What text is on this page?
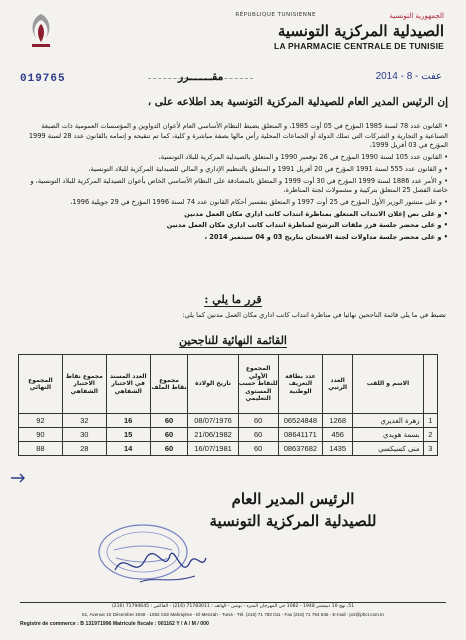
RÉPUBLIQUE TUNISIENNE	الجمهورية التونسية
الصيدلية المركزية التونسية
LA PHARMACIE CENTRALE DE TUNISIE
019765	مقـــــــرر	2014 - عفت - 8
إن الرئيس المدير العام للصيدلية المركزية التونسية بعد اطلاعه على ،

• القانون عدد 78 لسنة 1985 المؤرخ في 05 أوت 1985، و المتعلق بضبط النظام الأساسي العام لأعوان الدواوين و المؤسسات العمومية ذات الصبغة الصناعية و التجارية و الشركات التي تملك الدولة أو الجماعات المحلية رأس مالها بصفة مباشرة و كلية، كما تم تنقيحه و إتمامه بالقانون عدد 28 لسنة 1999 المؤرخ في 03 أفريل 1999،

• القانون عدد 105 لسنة 1990 المؤرخ في 26 نوفمبر 1990 و المتعلق بالصيدلية المركزية للبلاد التونسية،

• و القانون عدد 555 لسنة 1991 المؤرخ في 20 أفريل 1991 و المتعلق بالتنظيم الإداري و المالي للصيدلية المركزية للبلاد التونسية،

• و الأمر عدد 1886 لسنة 1999 المؤرخ في 30 أوت 1999 و المتعلق بالمصادقة على النظام الأساسي الخاص بأعوان الصيدلية المركزية للبلاد التونسية، و خاصة الفصل 25 المتعلق بتركيبة و مشمولات لجنة المناظرة،

• و على منشور الوزير الأول المؤرخ في 25 أوت 1997 و المتعلق بتفسير أحكام القانون عدد 74 لسنة 1996 المؤرخ في 29 جويلية 1996،

• و على نص إعلان الانتداب المتعلق بمناظرة انتداب كاتب اداري مكان العمل مدنين

• و على محضر جلسة فرز ملفات الترشح لمناظرة انتداب كاتب اداري مكان العمل مدنين

• و على محضر جلسة مداولات لجنة الامتحان بتاريخ 03 و 04 سبتمبر 2014 ،

قرر ما يلي :
تضبط في ما يلي قائمة الناجحين نهائيا في مناظرة انتداب كاتب اداري مكان العمل مدنين كما يلي:
القائمة النهائية للناجحين
	الاسم و اللقب	العدد الرتبي	عدد بطاقة التعريف الوطنية	المجموع الأولي للنقاط حسب المستوى التعليمي	تاريخ الولادة	مجموع نقاط الملف	العدد المسند في الاختبار الشفاهي	مجموع نقاط الاختبار الشفاهي	المجموع النهائي
1	زهرة الغديري	1268	06524848	60	08/07/1976	60	16	32	92
2	بسمة هويدي	456	08641171	60	21/06/1982	60	15	30	90
3	منى كسيكسي	1435	08637682	60	16/07/1981	60	14	28	88
الرئيس المدير العام
للصيدلية المركزية التونسية
51، نهج 10 ديسمبر 1948 - 1082 حي المهرجان المنزه - تونس - الهاتف : 71783011 (216) - الفاكس : 71794645 (216)
51, Avenue 10 Décembre 1948 - 1082 Cité Mahrajène - El Menzah - Tunis - Tél. (216) 71 783 011 - Fax (216) 71 794 645 - E-mail : pct@phct.com.tn
Registre de commerce : B 131971996 Matricule fiscale : 001162 Y / A / M / 000
